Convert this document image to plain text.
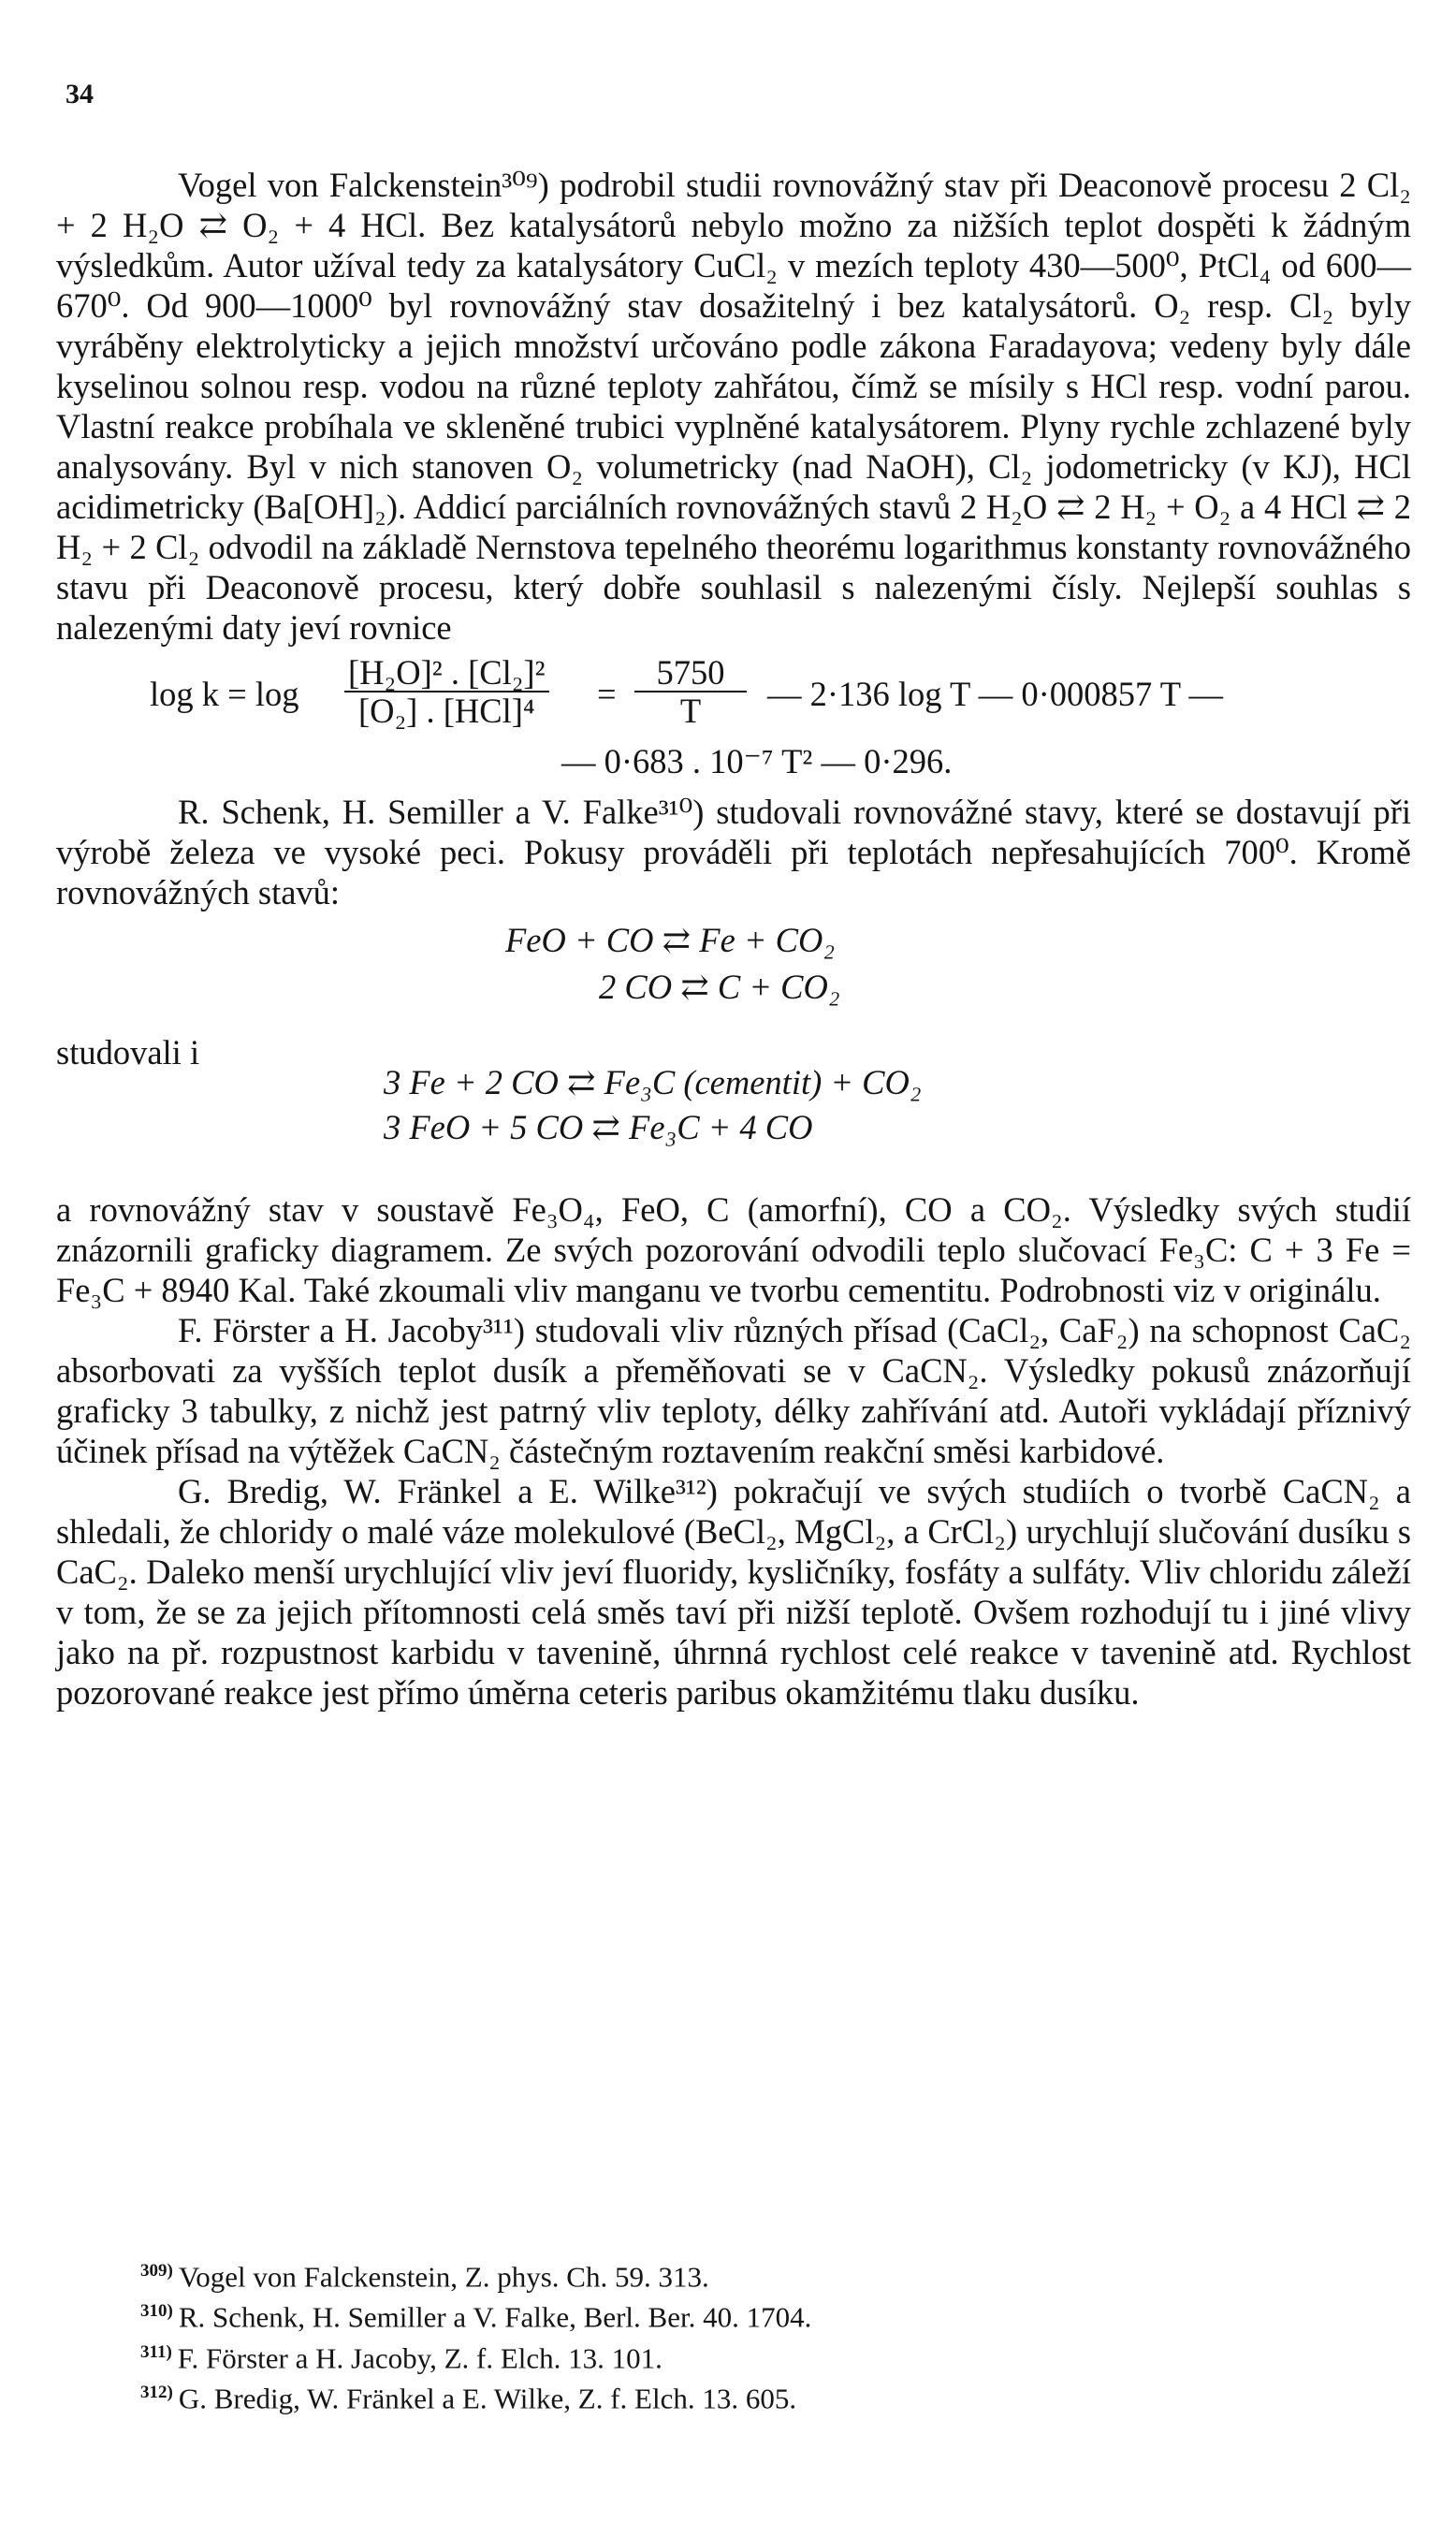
34

Vogel von Falckenstein³⁰⁹) podrobil studii rovnovážný stav při Deaconově procesu 2 Cl₂ + 2 H₂O ⇄ O₂ + 4 HCl. Bez katalysátorů nebylo možno za nižších teplot dospěti k žádným výsledkům. Autor užíval tedy za katalysátory CuCl₂ v mezích teploty 430—500⁰, PtCl₄ od 600—670⁰. Od 900—1000⁰ byl rovnovážný stav dosažitelný i bez katalysátorů. O₂ resp. Cl₂ byly vyráběny elektrolyticky a jejich množství určováno podle zákona Faradayova; vedeny byly dále kyselinou solnou resp. vodou na různé teploty zahřátou, čímž se mísily s HCl resp. vodní parou. Vlastní reakce probíhala ve skleněné trubici vyplněné katalysátorem. Plyny rychle zchlazené byly analysovány. Byl v nich stanoven O₂ volumetricky (nad NaOH), Cl₂ jodometricky (v KJ), HCl acidimetricky (Ba[OH]₂). Addicí parciálních rovnovážných stavů 2 H₂O ⇄ 2 H₂ + O₂ a 4 HCl ⇄ 2 H₂ + 2 Cl₂ odvodil na základě Nernstova tepelného theorému logarithmus konstanty rovnovážného stavu při Deaconově procesu, který dobře souhlasil s nalezenými čísly. Nejlepší souhlas s nalezenými daty jeví rovnice

log k = log
[H₂O]² . [Cl₂]²
[O₂] . [HCl]⁴	= $\frac{5750}{T}$ — 2·136 log T — 0·000857 T —
— 0·683 . 10⁻⁷ T² — 0·296.

R. Schenk, H. Semiller a V. Falke³¹⁰) studovali rovnovážné stavy, které se dostavují při výrobě železa ve vysoké peci. Pokusy prováděli při teplotách nepřesahujících 700⁰. Kromě rovnovážných stavů:

studovali i
FeO + CO ⇄ Fe + CO₂
2 CO ⇄ C + CO₂
3 Fe + 2 CO ⇄ Fe₃C (cementit) + CO₂
3 FeO + 5 CO ⇄ Fe₃C + 4 CO

a rovnovážný stav v soustavě Fe₃O₄, FeO, C (amorfní), CO a CO₂. Výsledky svých studií znázornili graficky diagramem. Ze svých pozorování odvodili teplo slučovací Fe₃C: C + 3 Fe = Fe₃C + 8940 Kal. Také zkoumali vliv manganu ve tvorbu cementitu. Podrobnosti viz v originálu.

F. Förster a H. Jacoby³¹¹) studovali vliv různých přísad (CaCl₂, CaF₂) na schopnost CaC₂ absorbovati za vyšších teplot dusík a přeměňovati se v CaCN₂. Výsledky pokusů znázorňují graficky 3 tabulky, z nichž jest patrný vliv teploty, délky zahřívání atd. Autoři vykládají příznivý účinek přísad na výtěžek CaCN₂ částečným roztavením reakční směsi karbidové.

G. Bredig, W. Fränkel a E. Wilke³¹²) pokračují ve svých studiích o tvorbě CaCN₂ a shledali, že chloridy o malé váze molekulové (BeCl₂, MgCl₂, a CrCl₂) urychlují slučování dusíku s CaC₂. Daleko menší urychlující vliv jeví fluoridy, kysličníky, fosfáty a sulfáty. Vliv chloridu záleží v tom, že se za jejich přítomnosti celá směs taví při nižší teplotě. Ovšem rozhodují tu i jiné vlivy jako na př. rozpustnost karbidu v tavenině, úhrnná rychlost celé reakce v tavenině atd. Rychlost pozorované reakce jest přímo úměrna ceteris paribus okamžitému tlaku dusíku.

$^{309)}$ Vogel von Falckenstein, Z. phys. Ch. 59. 313.
$^{310)}$ R. Schenk, H. Semiller a V. Falke, Berl. Ber. 40. 1704.
$^{311)}$ F. Förster a H. Jacoby, Z. f. Elch. 13. 101.
$^{312)}$ G. Bredig, W. Fränkel a E. Wilke, Z. f. Elch. 13. 605.
